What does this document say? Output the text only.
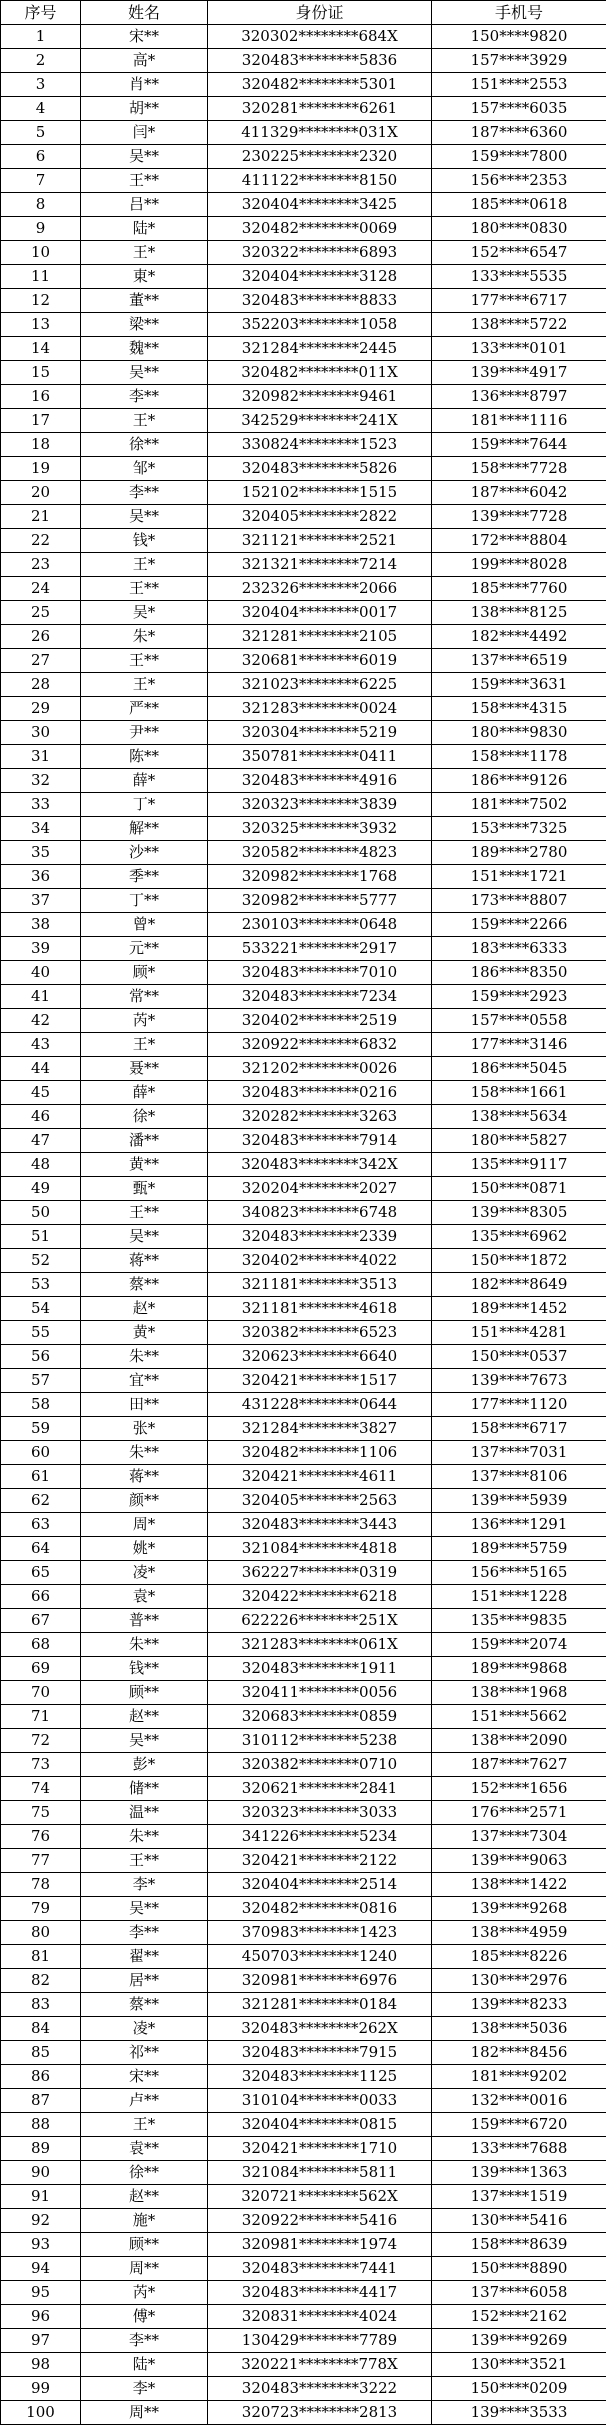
序号	姓名	身份证	手机号
1	宋**	320302********684X	150****9820
2	高*	320483********5836	157****3929
3	肖**	320482********5301	151****2553
4	胡**	320281********6261	157****6035
5	闫*	411329********031X	187****6360
6	吴**	230225********2320	159****7800
7	王**	411122********8150	156****2353
8	吕**	320404********3425	185****0618
9	陆*	320482********0069	180****0830
10	王*	320322********6893	152****6547
11	東*	320404********3128	133****5535
12	董**	320483********8833	177****6717
13	梁**	352203********1058	138****5722
14	魏**	321284********2445	133****0101
15	吴**	320482********011X	139****4917
16	李**	320982********9461	136****8797
17	王*	342529********241X	181****1116
18	徐**	330824********1523	159****7644
19	邹*	320483********5826	158****7728
20	李**	152102********1515	187****6042
21	吴**	320405********2822	139****7728
22	钱*	321121********2521	172****8804
23	王*	321321********7214	199****8028
24	王**	232326********2066	185****7760
25	吴*	320404********0017	138****8125
26	朱*	321281********2105	182****4492
27	王**	320681********6019	137****6519
28	王*	321023********6225	159****3631
29	严**	321283********0024	158****4315
30	尹**	320304********5219	180****9830
31	陈**	350781********0411	158****1178
32	薛*	320483********4916	186****9126
33	丁*	320323********3839	181****7502
34	解**	320325********3932	153****7325
35	沙**	320582********4823	189****2780
36	季**	320982********1768	151****1721
37	丁**	320982********5777	173****8807
38	曾*	230103********0648	159****2266
39	元**	533221********2917	183****6333
40	顾*	320483********7010	186****8350
41	常**	320483********7234	159****2923
42	芮*	320402********2519	157****0558
43	王*	320922********6832	177****3146
44	聂**	321202********0026	186****5045
45	薛*	320483********0216	158****1661
46	徐*	320282********3263	138****5634
47	潘**	320483********7914	180****5827
48	黄**	320483********342X	135****9117
49	甄*	320204********2027	150****0871
50	王**	340823********6748	139****8305
51	吴**	320483********2339	135****6962
52	蒋**	320402********4022	150****1872
53	蔡**	321181********3513	182****8649
54	赵*	321181********4618	189****1452
55	黄*	320382********6523	151****4281
56	朱**	320623********6640	150****0537
57	宜**	320421********1517	139****7673
58	田**	431228********0644	177****1120
59	张*	321284********3827	158****6717
60	朱**	320482********1106	137****7031
61	蒋**	320421********4611	137****8106
62	颜**	320405********2563	139****5939
63	周*	320483********3443	136****1291
64	姚*	321084********4818	189****5759
65	凌*	362227********0319	156****5165
66	袁*	320422********6218	151****1228
67	普**	622226********251X	135****9835
68	朱**	321283********061X	159****2074
69	钱**	320483********1911	189****9868
70	顾**	320411********0056	138****1968
71	赵**	320683********0859	151****5662
72	吴**	310112********5238	138****2090
73	彭*	320382********0710	187****7627
74	储**	320621********2841	152****1656
75	温**	320323********3033	176****2571
76	朱**	341226********5234	137****7304
77	王**	320421********2122	139****9063
78	李*	320404********2514	138****1422
79	吴**	320482********0816	139****9268
80	李**	370983********1423	138****4959
81	翟**	450703********1240	185****8226
82	居**	320981********6976	130****2976
83	蔡**	321281********0184	139****8233
84	凌*	320483********262X	138****5036
85	祁**	320483********7915	182****8456
86	宋**	320483********1125	181****9202
87	卢**	310104********0033	132****0016
88	王*	320404********0815	159****6720
89	袁**	320421********1710	133****7688
90	徐**	321084********5811	139****1363
91	赵**	320721********562X	137****1519
92	施*	320922********5416	130****5416
93	顾**	320981********1974	158****8639
94	周**	320483********7441	150****8890
95	芮*	320483********4417	137****6058
96	傅*	320831********4024	152****2162
97	李**	130429********7789	139****9269
98	陆*	320221********778X	130****3521
99	李*	320483********3222	150****0209
100	周**	320723********2813	139****3533
